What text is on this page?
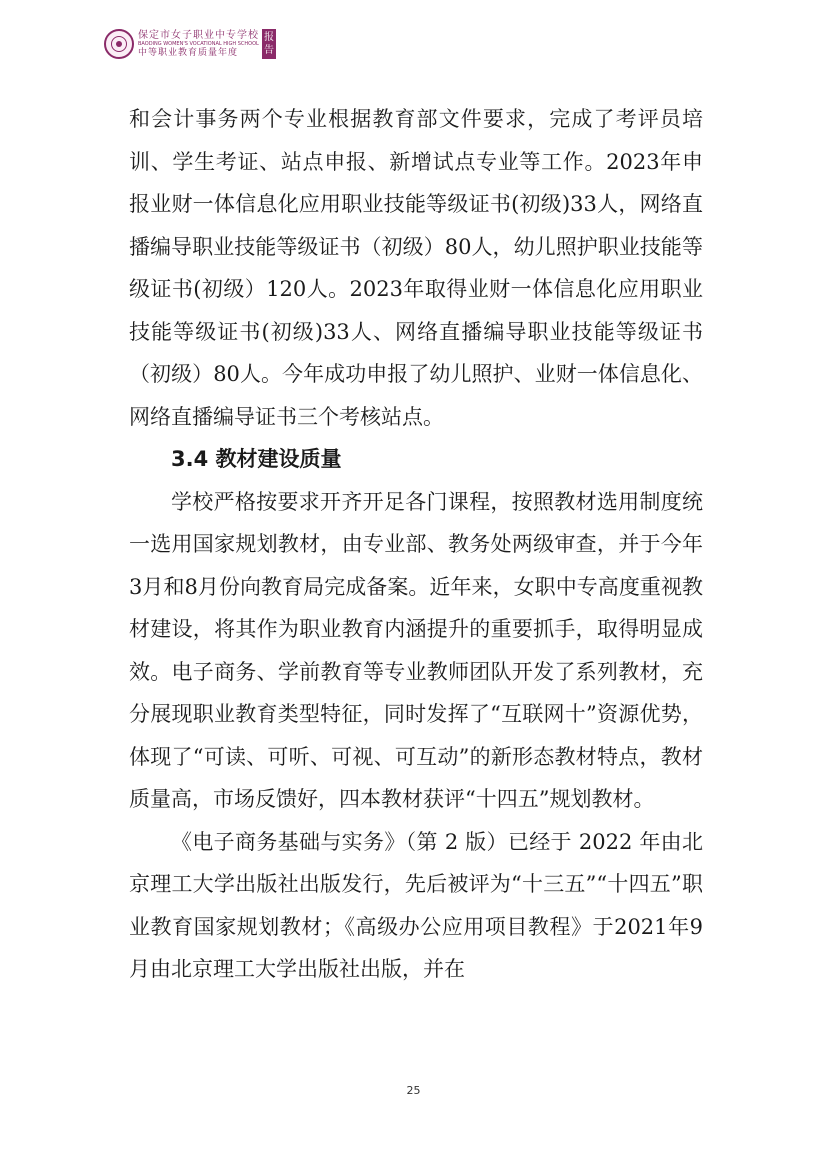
保定市女子职业中专学校
BAODING WOMEN'S VOCATIONAL HIGH SCHOOL
中等职业教育质量年度
报
告

和会计事务两个专业根据教育部文件要求，完成了考评员培训、学生考证、站点申报、新增试点专业等工作。2023年申报业财一体信息化应用职业技能等级证书(初级)33人，网络直播编导职业技能等级证书（初级）80人，幼儿照护职业技能等级证书(初级）120人。2023年取得业财一体信息化应用职业技能等级证书(初级)33人、网络直播编导职业技能等级证书（初级）80人。今年成功申报了幼儿照护、业财一体信息化、网络直播编导证书三个考核站点。

3.4 教材建设质量

学校严格按要求开齐开足各门课程，按照教材选用制度统一选用国家规划教材，由专业部、教务处两级审查，并于今年3月和8月份向教育局完成备案。近年来，女职中专高度重视教材建设，将其作为职业教育内涵提升的重要抓手，取得明显成效。电子商务、学前教育等专业教师团队开发了系列教材，充分展现职业教育类型特征，同时发挥了“互联网十”资源优势，体现了“可读、可听、可视、可互动”的新形态教材特点，教材质量高，市场反馈好，四本教材获评“十四五”规划教材。

《电子商务基础与实务》（第 2 版）已经于 2022 年由北京理工大学出版社出版发行，先后被评为“十三五”“十四五”职业教育国家规划教材；《高级办公应用项目教程》于2021年9月由北京理工大学出版社出版，并在

25
